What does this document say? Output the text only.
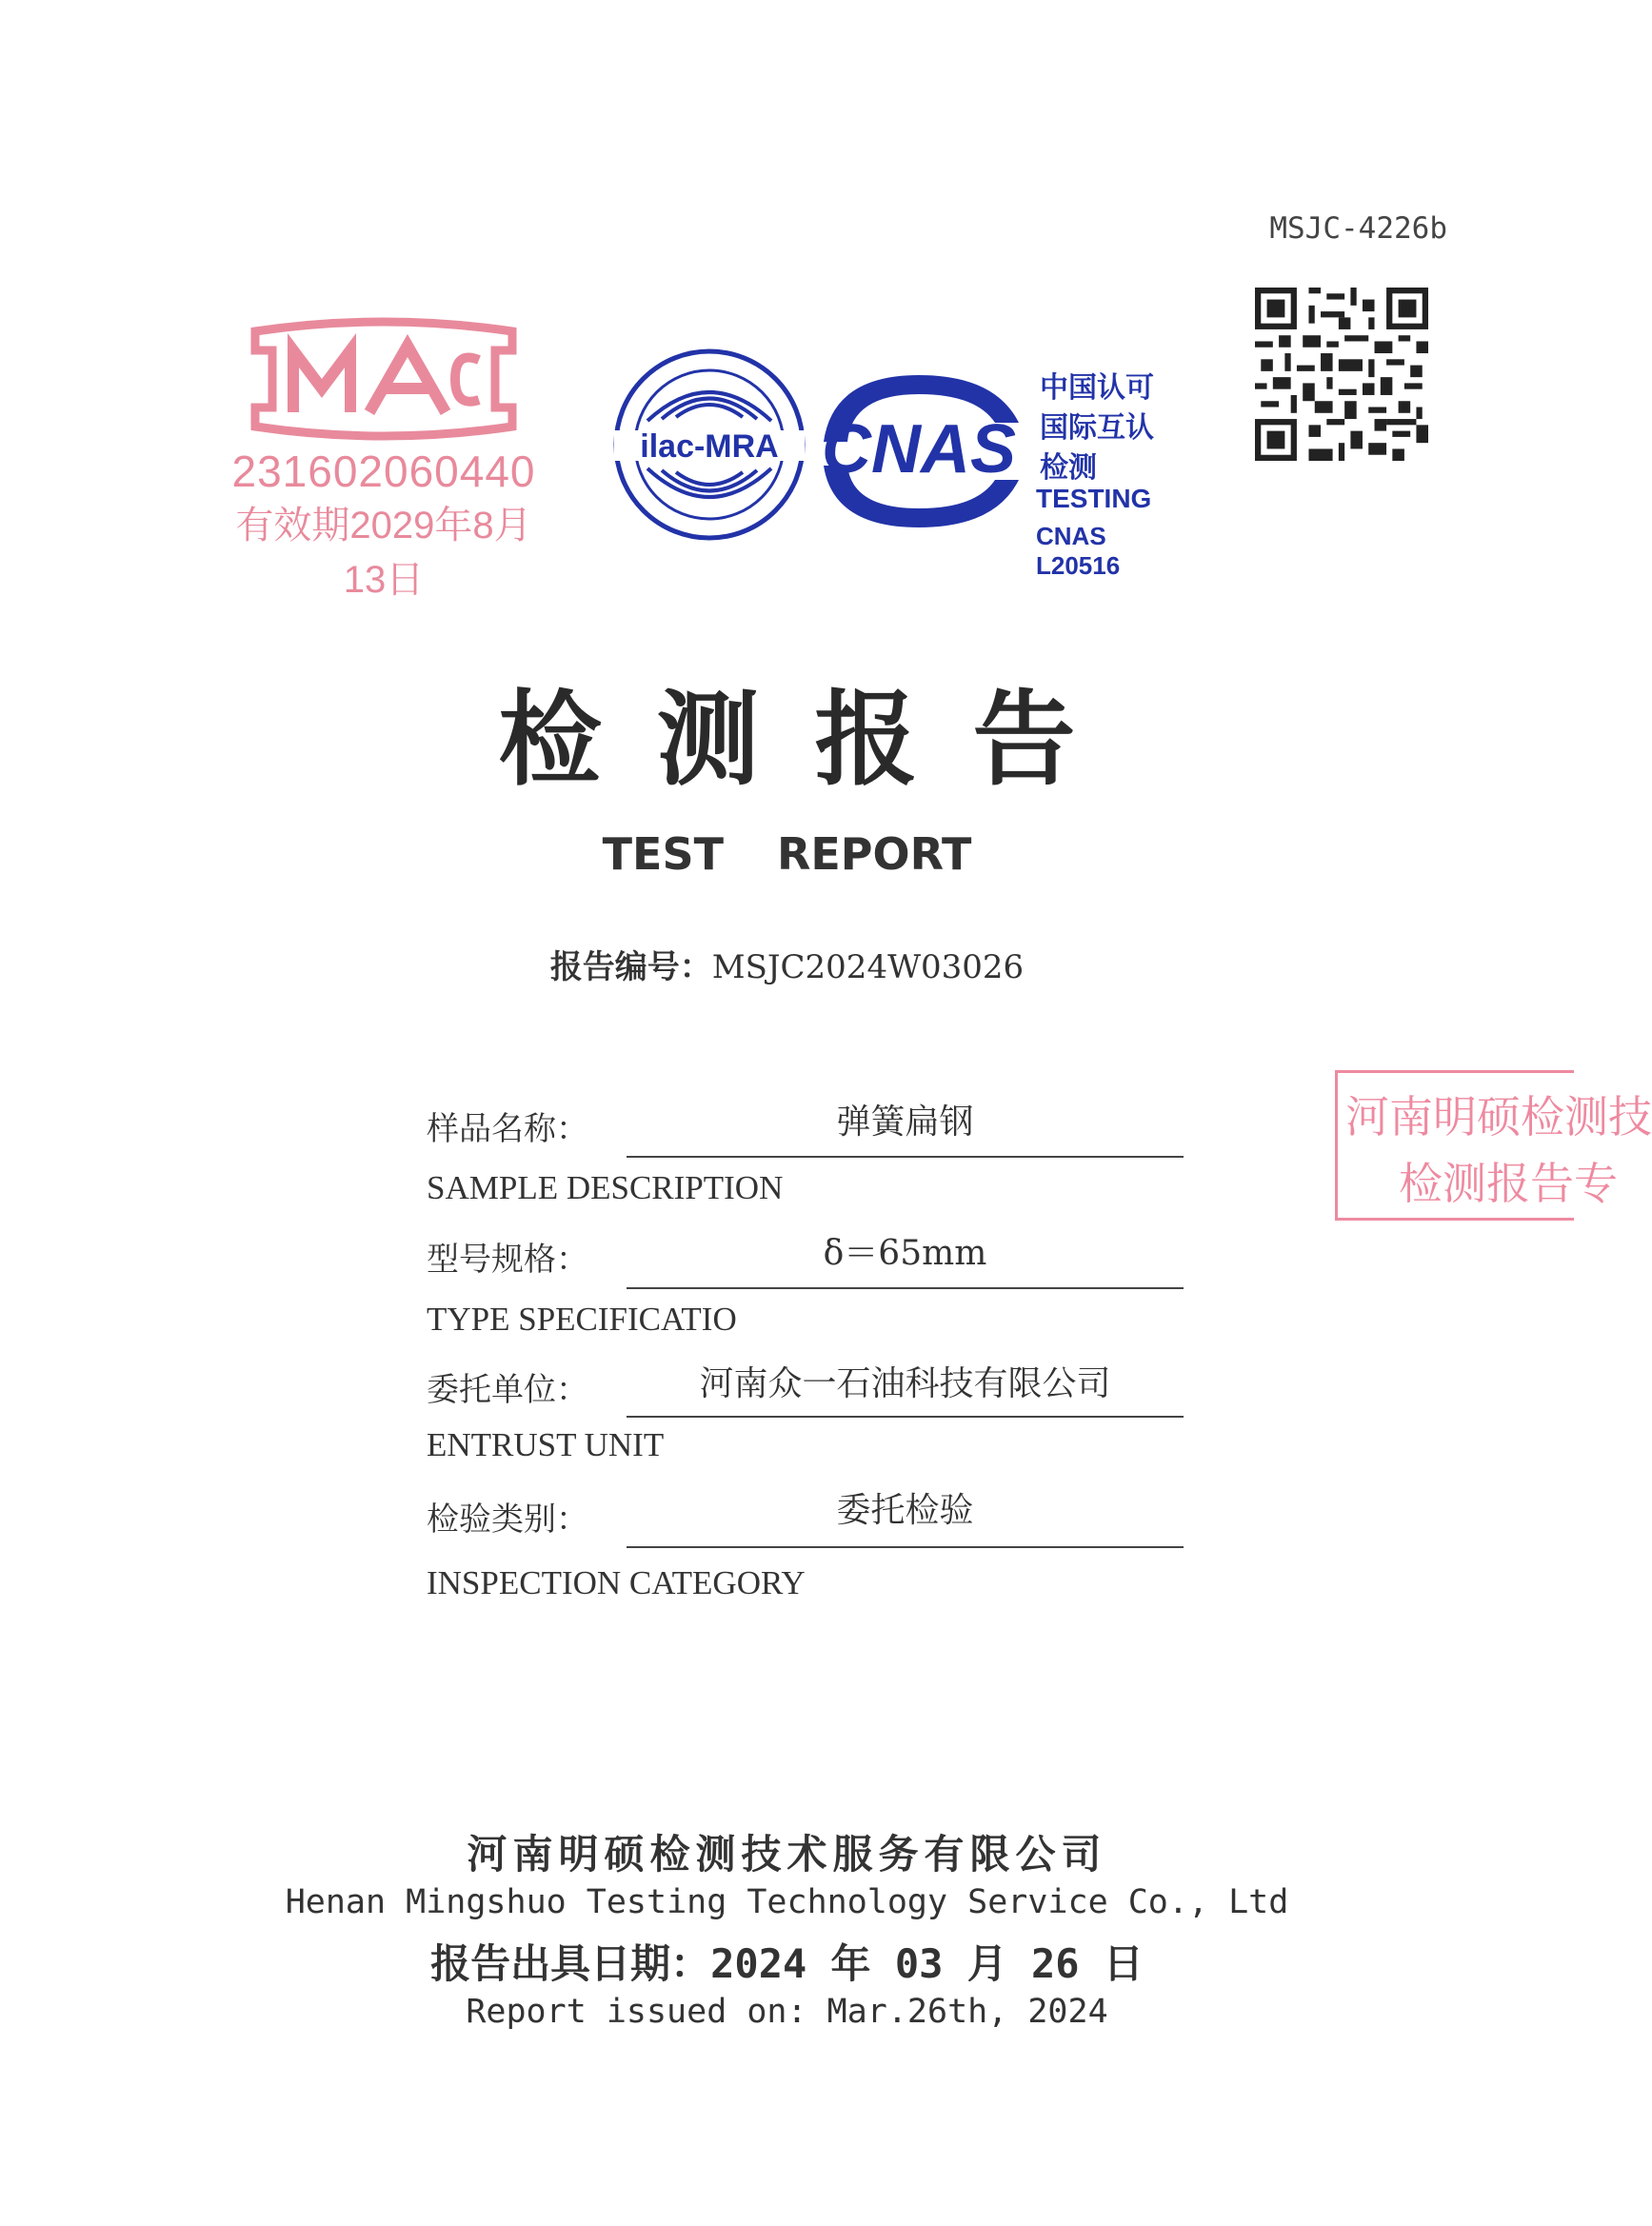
MSJC-4226b
231602060440
有效期2029年8月13日
ilac-MRA CNAS
中国认可
国际互认
检测
TESTING
CNAS L20516
检测报告
TEST REPORT
报告编号：MSJC2024W03026
样品名称：	弹簧扁钢
SAMPLE DESCRIPTION
型号规格：	δ＝65mm
TYPE SPECIFICATIO
委托单位：	河南众一石油科技有限公司
ENTRUST UNIT
检验类别：	委托检验
INSPECTION CATEGORY
河南明硕检测技
检测报告专
河南明硕检测技术服务有限公司
Henan Mingshuo Testing Technology Service Co., Ltd
报告出具日期：2024 年 03 月 26 日
Report issued on: Mar.26th, 2024
